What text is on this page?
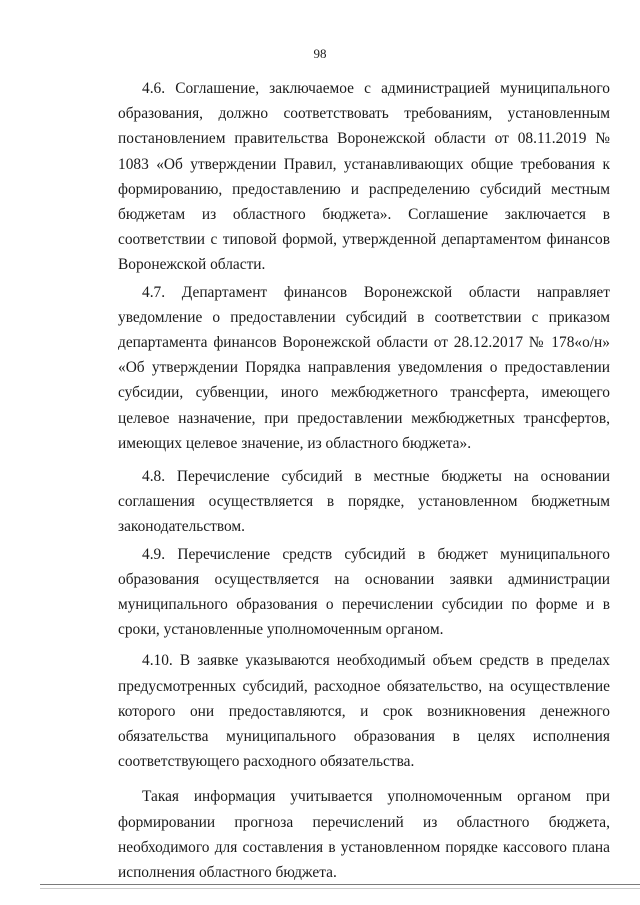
98

4.6. Соглашение, заключаемое с администрацией муниципального образования, должно соответствовать требованиям, установленным постановлением правительства Воронежской области от 08.11.2019 № 1083 «Об утверждении Правил, устанавливающих общие требования к формированию, предоставлению и распределению субсидий местным бюджетам из областного бюджета». Соглашение заключается в соответствии с типовой формой, утвержденной департаментом финансов Воронежской области.

4.7. Департамент финансов Воронежской области направляет уведомление о предоставлении субсидий в соответствии с приказом департамента финансов Воронежской области от 28.12.2017 № 178«о/н» «Об утверждении Порядка направления уведомления о предоставлении субсидии, субвенции, иного межбюджетного трансферта, имеющего целевое назначение, при предоставлении межбюджетных трансфертов, имеющих целевое значение, из областного бюджета».

4.8. Перечисление субсидий в местные бюджеты на основании соглашения осуществляется в порядке, установленном бюджетным законодательством.

4.9. Перечисление средств субсидий в бюджет муниципального образования осуществляется на основании заявки администрации муниципального образования о перечислении субсидии по форме и в сроки, установленные уполномоченным органом.

4.10. В заявке указываются необходимый объем средств в пределах предусмотренных субсидий, расходное обязательство, на осуществление которого они предоставляются, и срок возникновения денежного обязательства муниципального образования в целях исполнения соответствующего расходного обязательства.

Такая информация учитывается уполномоченным органом при формировании прогноза перечислений из областного бюджета, необходимого для составления в установленном порядке кассового плана исполнения областного бюджета.
